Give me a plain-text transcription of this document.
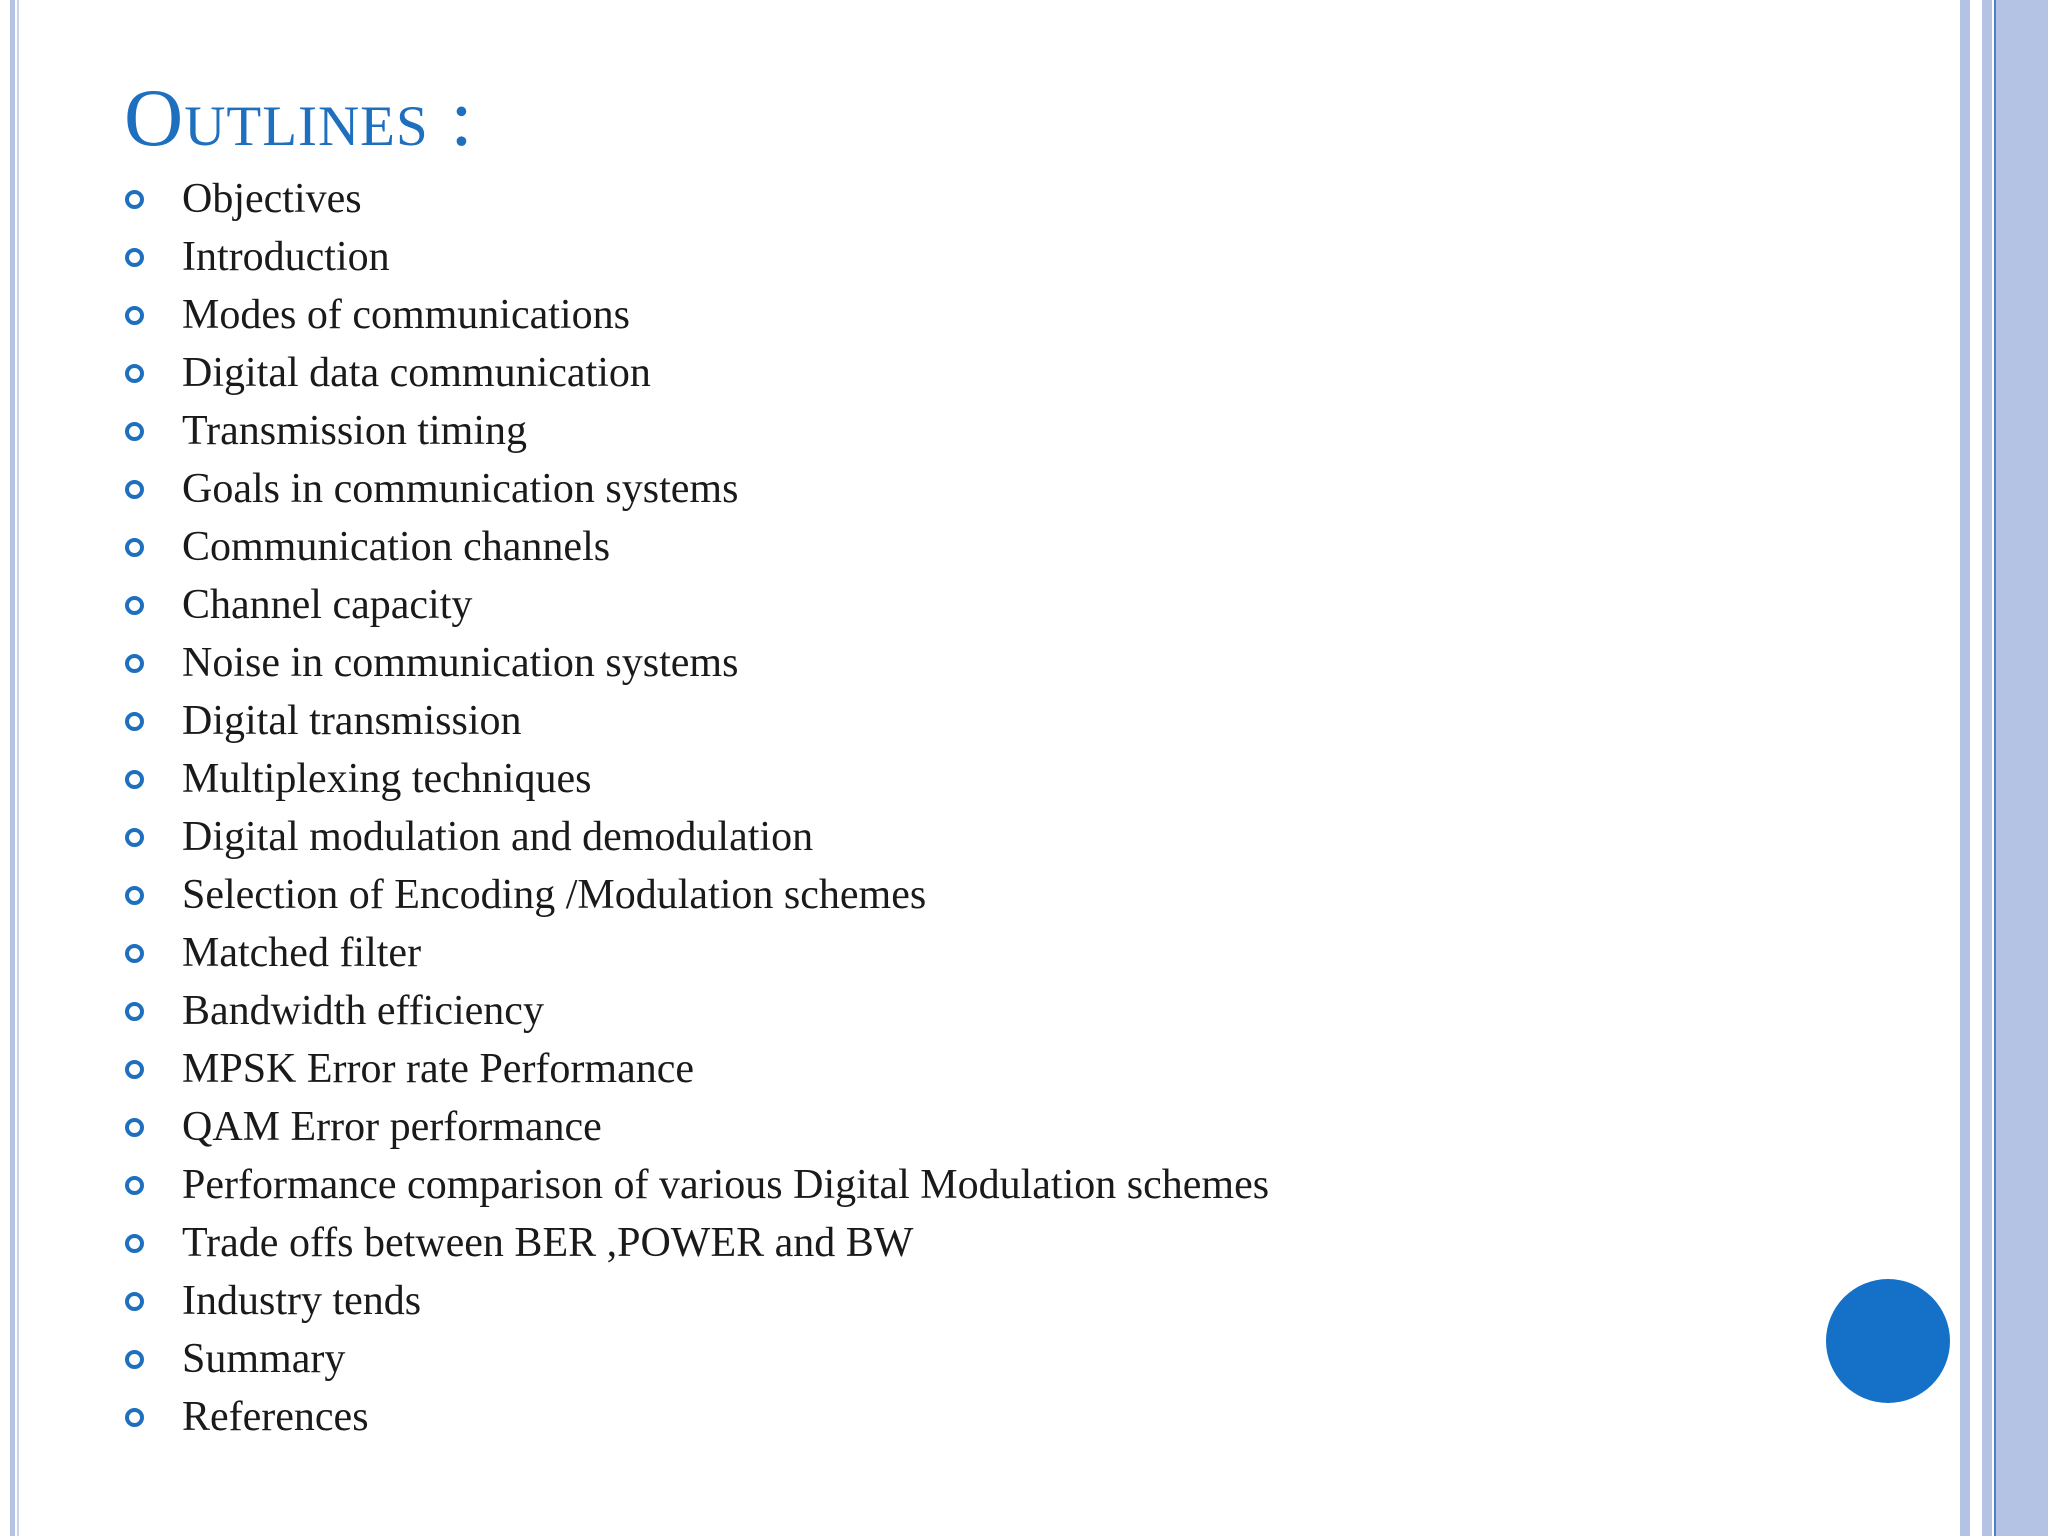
Outlines :
Objectives
Introduction
Modes of communications
Digital data communication
Transmission timing
Goals in communication systems
Communication channels
Channel capacity
Noise in communication systems
Digital transmission
Multiplexing techniques
Digital modulation and demodulation
Selection of Encoding /Modulation schemes
Matched filter
Bandwidth efficiency
MPSK Error rate Performance
QAM Error performance
Performance comparison of various Digital Modulation schemes
Trade offs between BER ,POWER and BW
Industry tends
Summary
References
